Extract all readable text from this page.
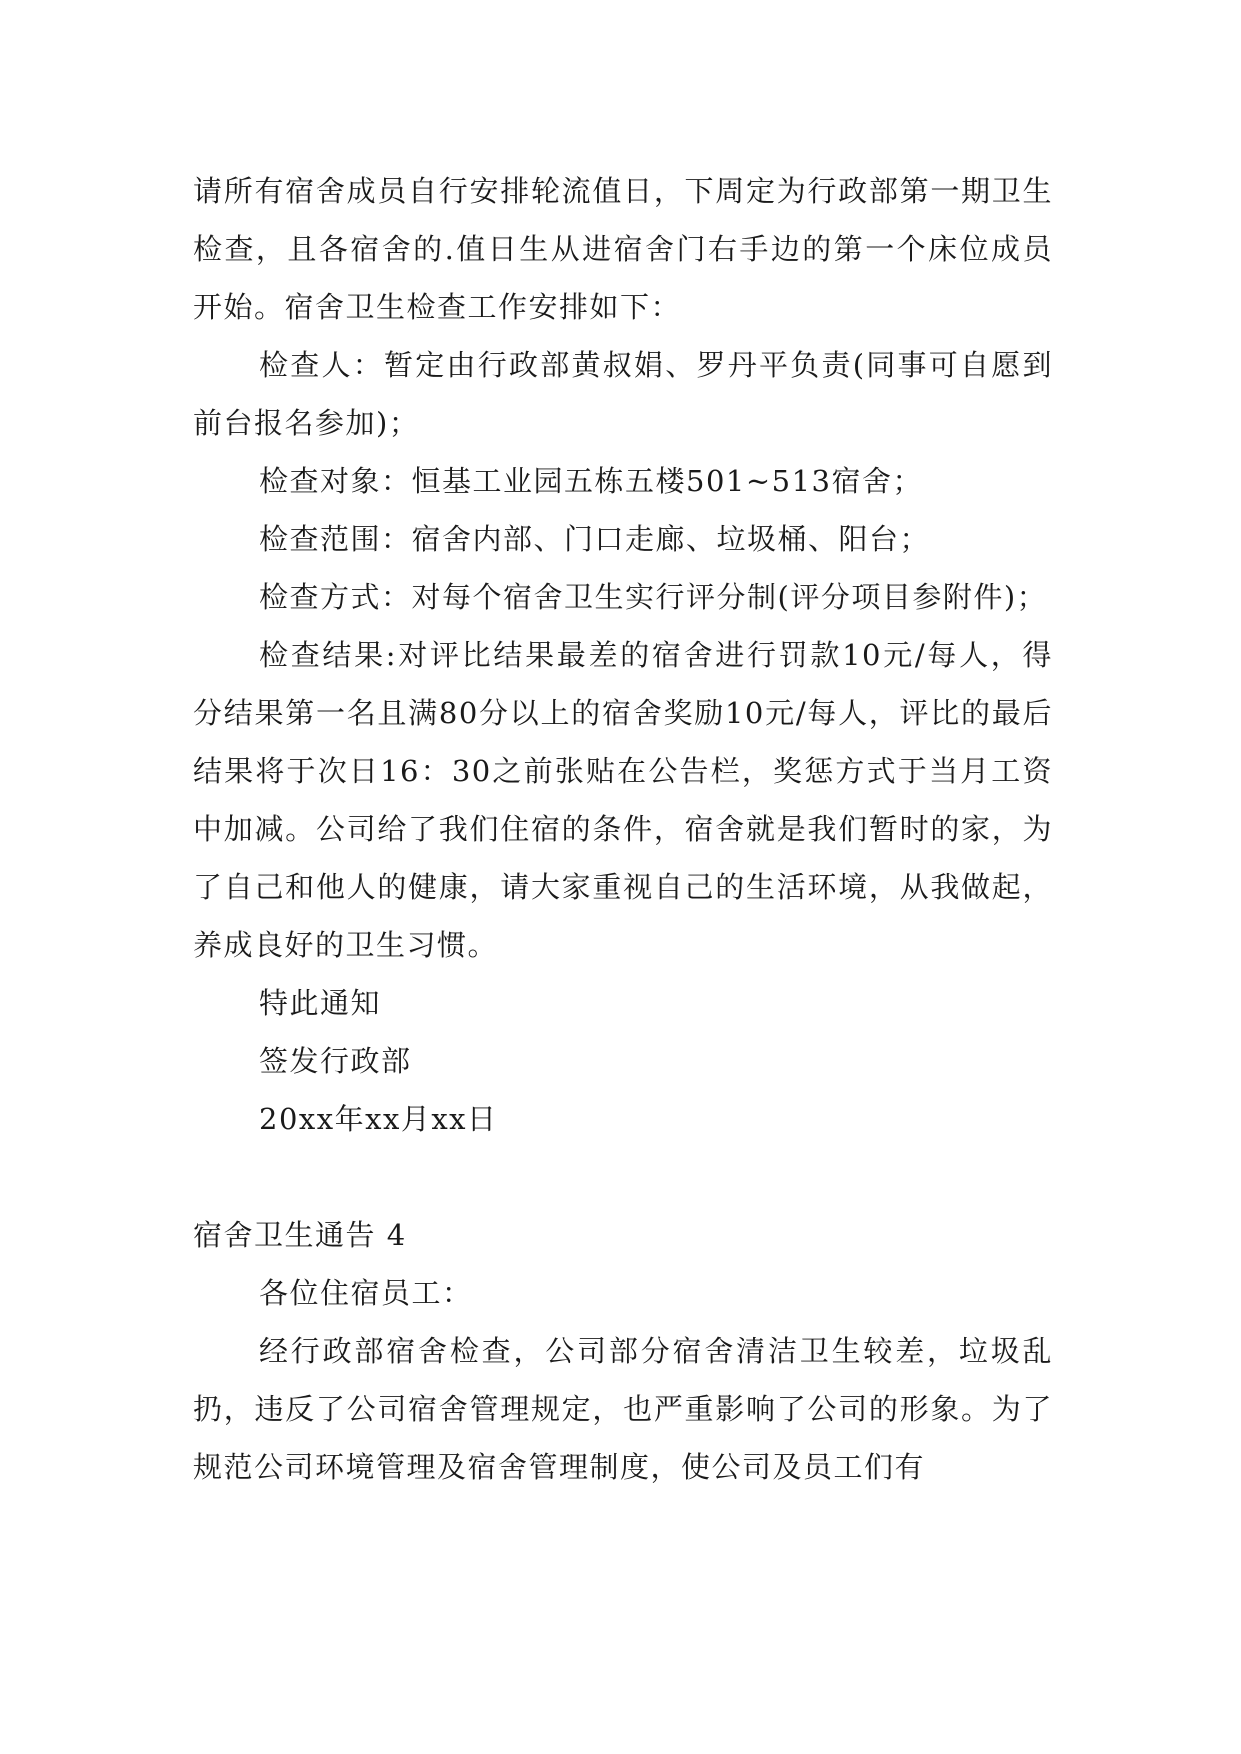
请所有宿舍成员自行安排轮流值日，下周定为行政部第一期卫生检查，且各宿舍的.值日生从进宿舍门右手边的第一个床位成员开始。宿舍卫生检查工作安排如下：

检查人：暂定由行政部黄叔娟、罗丹平负责(同事可自愿到前台报名参加)；

检查对象：恒基工业园五栋五楼501~513宿舍；

检查范围：宿舍内部、门口走廊、垃圾桶、阳台；

检查方式：对每个宿舍卫生实行评分制(评分项目参附件)；

检查结果:对评比结果最差的宿舍进行罚款10元/每人，得分结果第一名且满80分以上的宿舍奖励10元/每人，评比的最后结果将于次日16：30之前张贴在公告栏，奖惩方式于当月工资中加减。公司给了我们住宿的条件，宿舍就是我们暂时的家，为了自己和他人的健康，请大家重视自己的生活环境，从我做起，养成良好的卫生习惯。

特此通知

签发行政部

20xx年xx月xx日

宿舍卫生通告 4

各位住宿员工：

经行政部宿舍检查，公司部分宿舍清洁卫生较差，垃圾乱扔，违反了公司宿舍管理规定，也严重影响了公司的形象。为了规范公司环境管理及宿舍管理制度，使公司及员工们有
